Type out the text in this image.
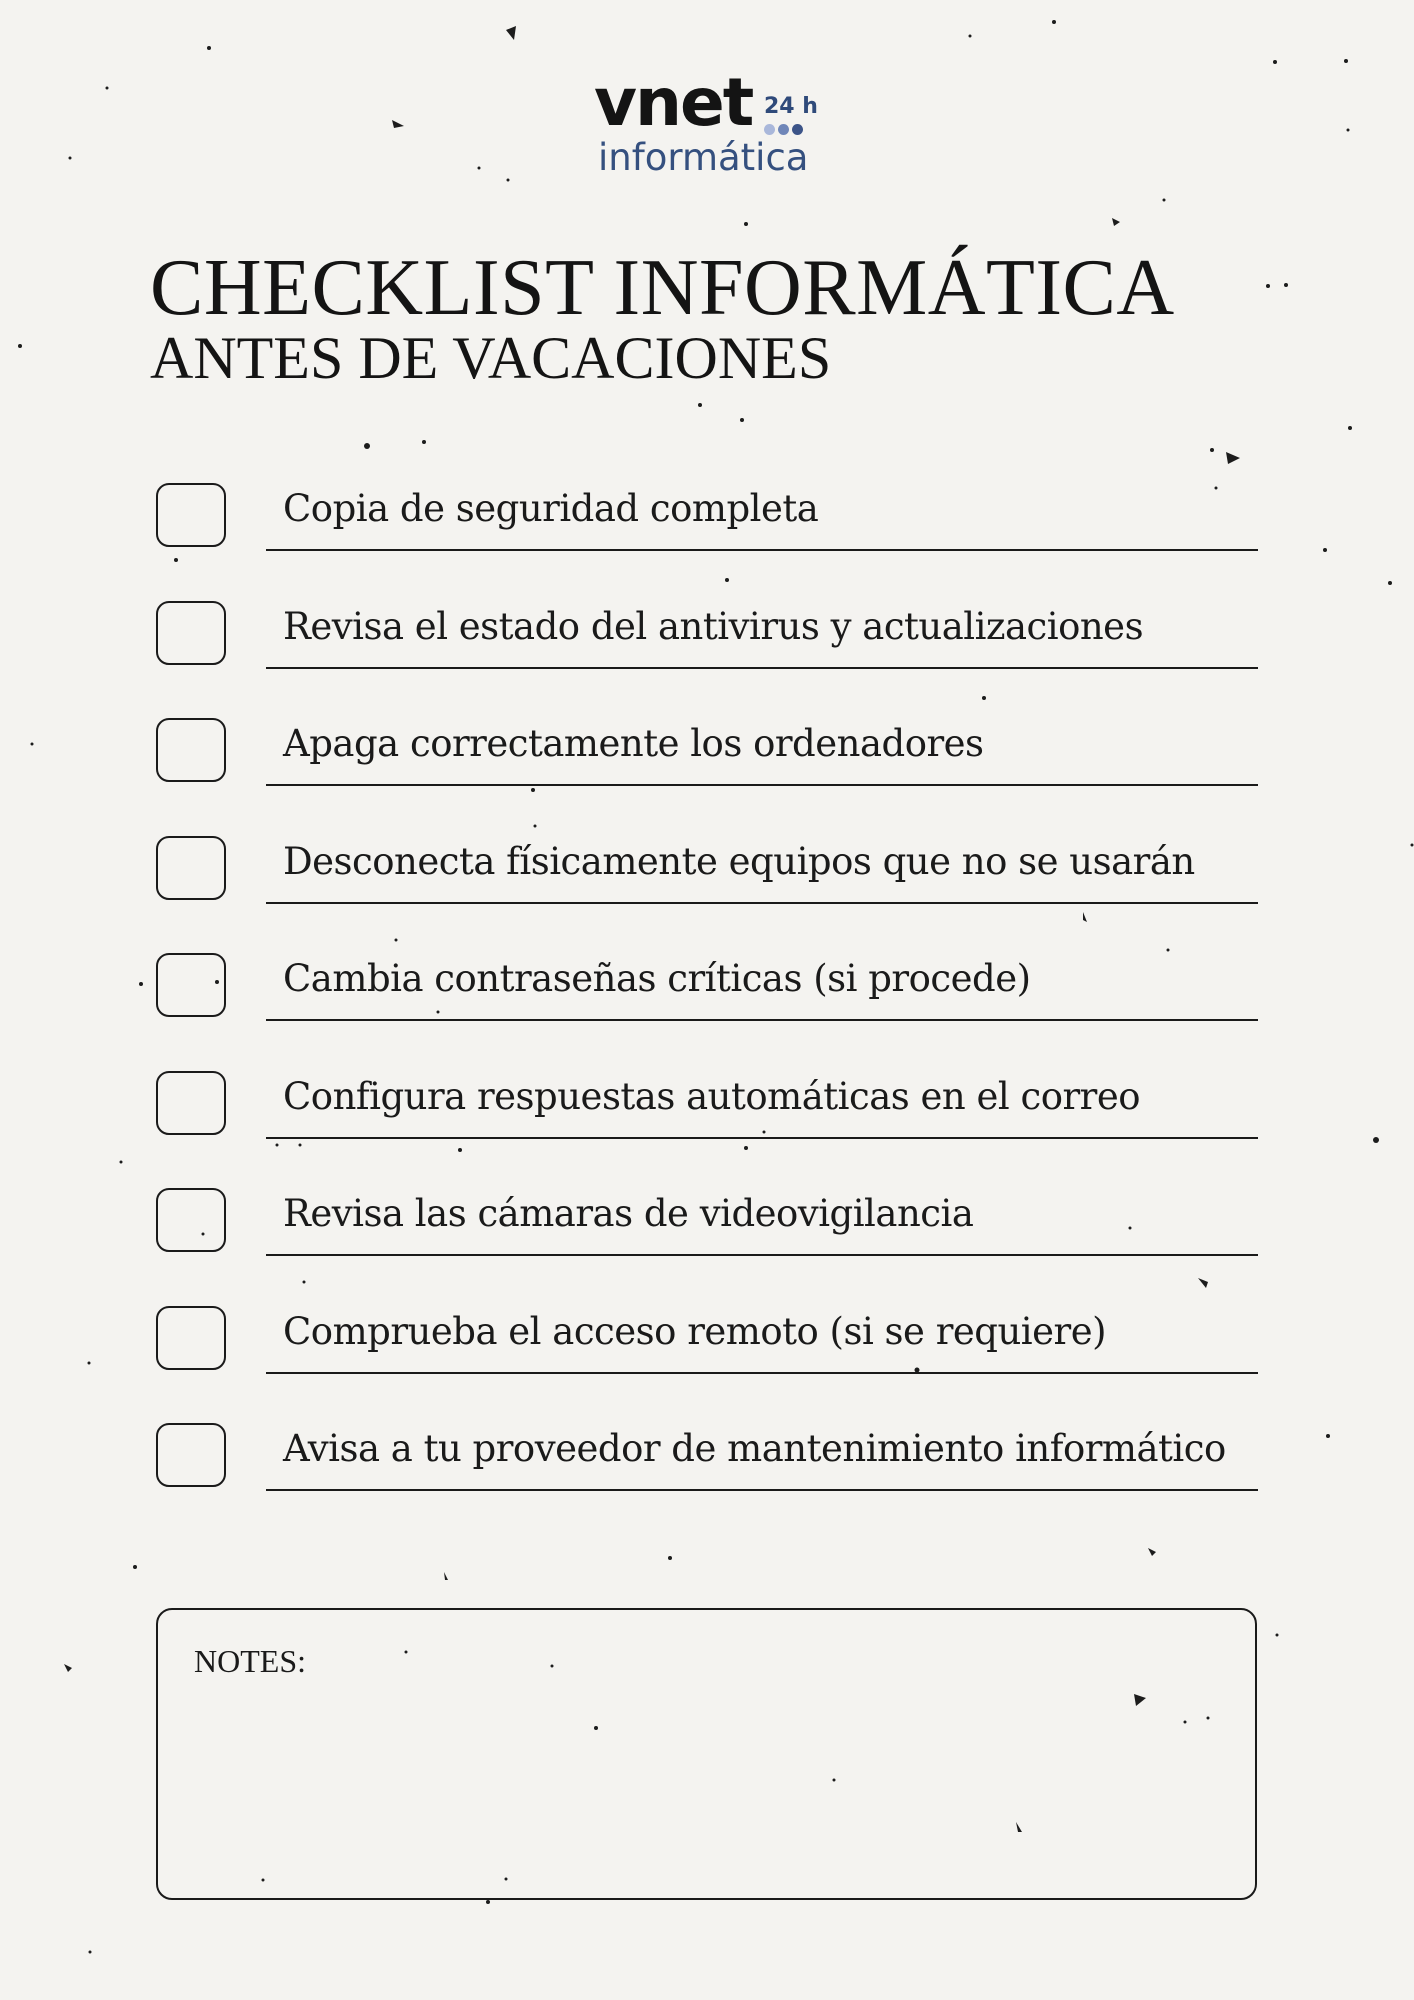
vnet 24 h
informática
CHECKLIST INFORMÁTICA
ANTES DE VACACIONES
Copia de seguridad completa
Revisa el estado del antivirus y actualizaciones
Apaga correctamente los ordenadores
Desconecta físicamente equipos que no se usarán
Cambia contraseñas críticas (si procede)
Configura respuestas automáticas en el correo
Revisa las cámaras de videovigilancia
Comprueba el acceso remoto (si se requiere)
Avisa a tu proveedor de mantenimiento informático
NOTES:
